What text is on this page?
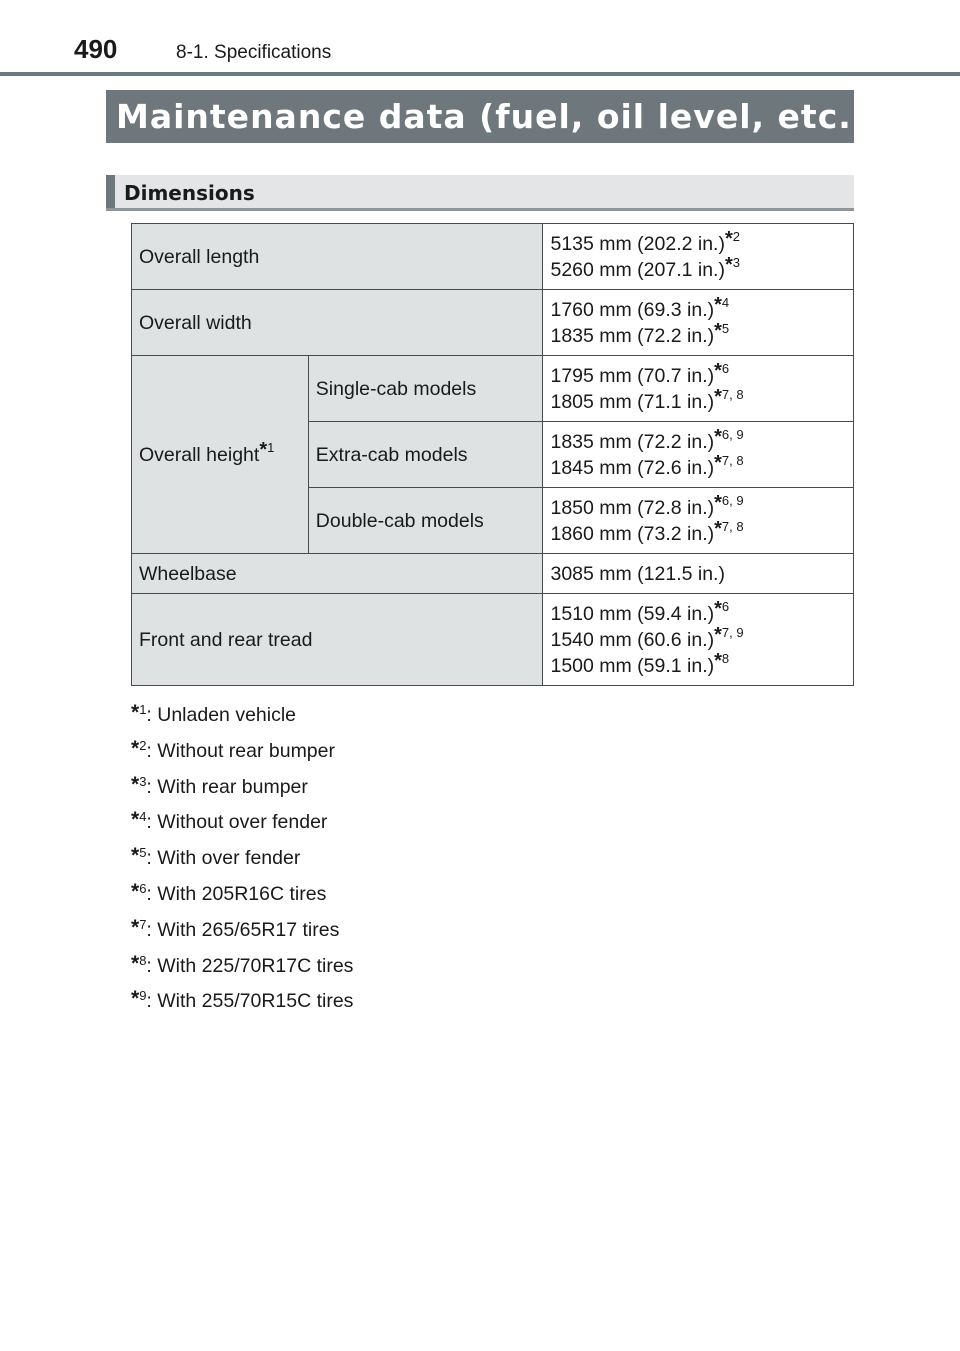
490	8-1. Specifications
Maintenance data (fuel, oil level, etc.)
Dimensions
Overall length		5135 mm (202.2 in.)$^{*2}$
5260 mm (207.1 in.)$^{*3}$

Overall width		1760 mm (69.3 in.)$^{*4}$
1835 mm (72.2 in.)$^{*5}$

Overall height$^{*1}$	Single-cab models	1795 mm (70.7 in.)$^{*6}$
1805 mm (71.1 in.)$^{*7, 8}$

	Extra-cab models	1835 mm (72.2 in.)$^{*6, 9}$
1845 mm (72.6 in.)$^{*7, 8}$

	Double-cab models	1850 mm (72.8 in.)$^{*6, 9}$
1860 mm (73.2 in.)$^{*7, 8}$

Wheelbase		3085 mm (121.5 in.)
Front and rear tread		1510 mm (59.4 in.)$^{*6}$
1540 mm (60.6 in.)$^{*7, 9}$
1500 mm (59.1 in.)$^{*8}$
$^{*1}$: Unladen vehicle
$^{*2}$: Without rear bumper
$^{*3}$: With rear bumper
$^{*4}$: Without over fender
$^{*5}$: With over fender
$^{*6}$: With 205R16C tires
$^{*7}$: With 265/65R17 tires
$^{*8}$: With 225/70R17C tires
$^{*9}$: With 255/70R15C tires
